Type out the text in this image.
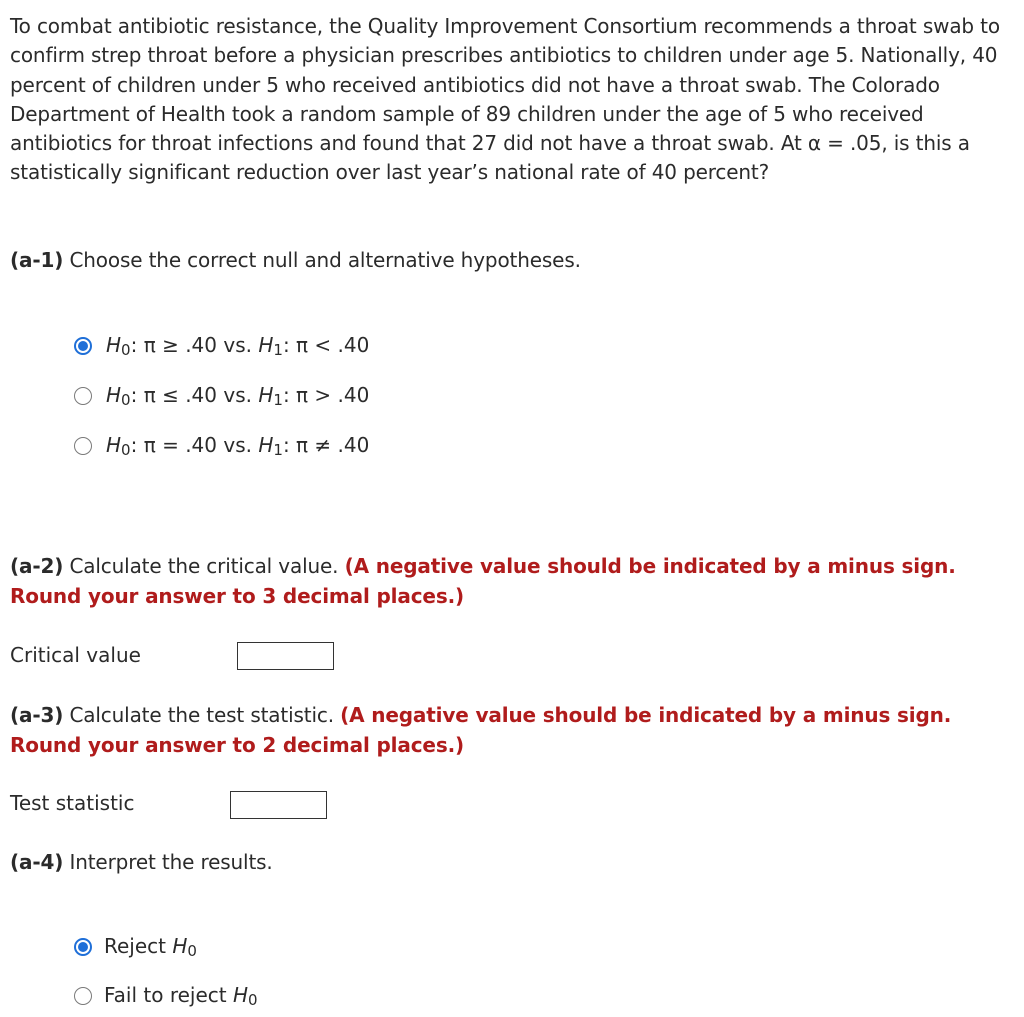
To combat antibiotic resistance, the Quality Improvement Consortium recommends a throat swab to confirm strep throat before a physician prescribes antibiotics to children under age 5. Nationally, 40 percent of children under 5 who received antibiotics did not have a throat swab. The Colorado Department of Health took a random sample of 89 children under the age of 5 who received antibiotics for throat infections and found that 27 did not have a throat swab. At α = .05, is this a statistically significant reduction over last year’s national rate of 40 percent?

(a-1) Choose the correct null and alternative hypotheses.

$H_0$: π ≥ .40 vs. $H_1$: π < .40
$H_0$: π ≤ .40 vs. $H_1$: π > .40
$H_0$: π = .40 vs. $H_1$: π ≠ .40

(a-2) Calculate the critical value. (A negative value should be indicated by a minus sign. Round your answer to 3 decimal places.)

Critical value

(a-3) Calculate the test statistic. (A negative value should be indicated by a minus sign. Round your answer to 2 decimal places.)

Test statistic

(a-4) Interpret the results.

Reject $H_0$
Fail to reject $H_0$
